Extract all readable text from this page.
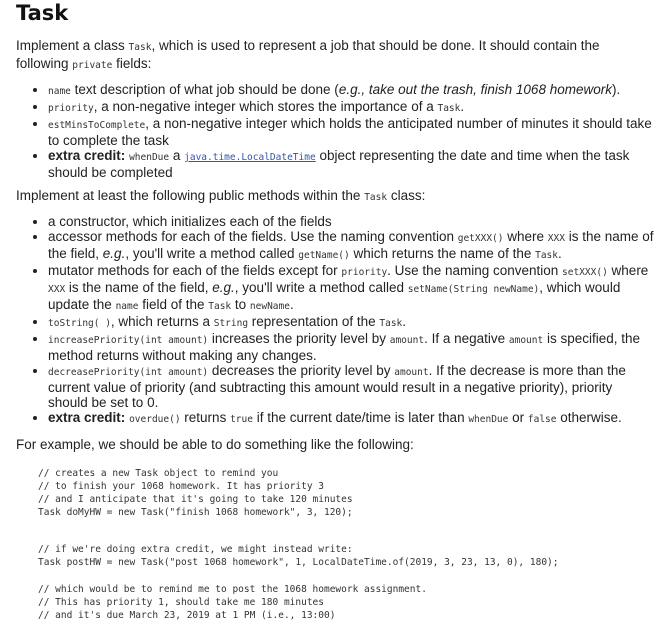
Task

Implement a class Task, which is used to represent a job that should be done. It should contain the following private fields:

• name text description of what job should be done (e.g., take out the trash, finish 1068 homework).
• priority, a non-negative integer which stores the importance of a Task.
• estMinsToComplete, a non-negative integer which holds the anticipated number of minutes it should take to complete the task
• extra credit: whenDue a java.time.LocalDateTime object representing the date and time when the task should be completed

Implement at least the following public methods within the Task class:

• a constructor, which initializes each of the fields
• accessor methods for each of the fields. Use the naming convention getXXX() where XXX is the name of the field, e.g., you'll write a method called getName() which returns the name of the Task.
• mutator methods for each of the fields except for priority. Use the naming convention setXXX() where XXX is the name of the field, e.g., you'll write a method called setName(String newName), which would update the name field of the Task to newName.
• toString( ), which returns a String representation of the Task.
• increasePriority(int amount) increases the priority level by amount. If a negative amount is specified, the method returns without making any changes.
• decreasePriority(int amount) decreases the priority level by amount. If the decrease is more than the current value of priority (and subtracting this amount would result in a negative priority), priority should be set to 0.
• extra credit: overdue() returns true if the current date/time is later than whenDue or false otherwise.

For example, we should be able to do something like the following:

// creates a new Task object to remind you
// to finish your 1068 homework. It has priority 3
// and I anticipate that it's going to take 120 minutes
Task doMyHW = new Task("finish 1068 homework", 3, 120);
// if we're doing extra credit, we might instead write:
Task postHW = new Task("post 1068 homework", 1, LocalDateTime.of(2019, 3, 23, 13, 0), 180);
// which would be to remind me to post the 1068 homework assignment.
// This has priority 1, should take me 180 minutes
// and it's due March 23, 2019 at 1 PM (i.e., 13:00)
